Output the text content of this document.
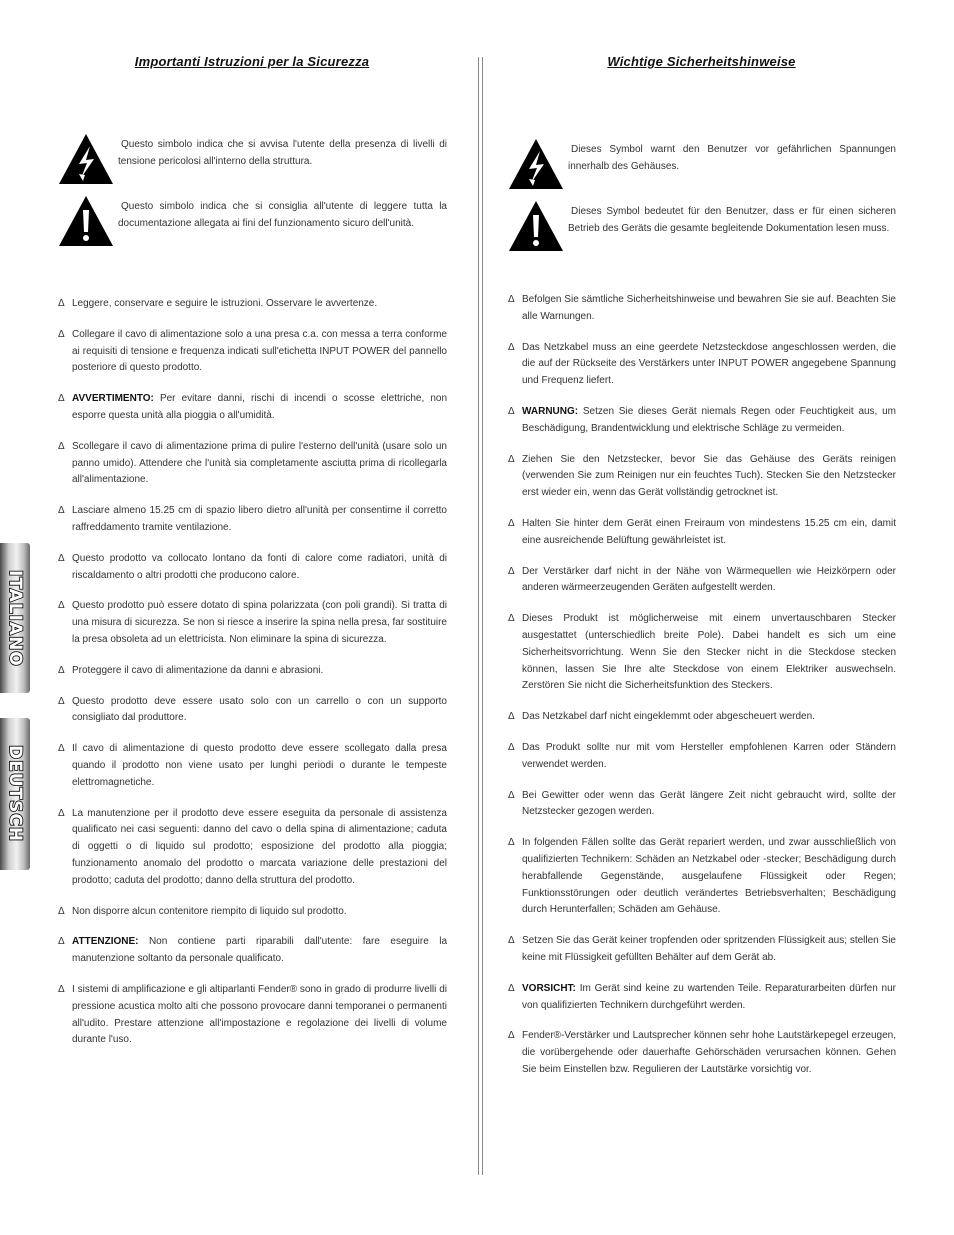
ITALIANO
DEUTSCH
Importanti Istruzioni per la Sicurezza

Questo simbolo indica che si avvisa l'utente della presenza di livelli di tensione pericolosi all'interno della struttura.

Questo simbolo indica che si consiglia all'utente di leggere tutta la documentazione allegata ai fini del funzionamento sicuro dell'unità.

Δ Leggere, conservare e seguire le istruzioni. Osservare le avvertenze.
Δ Collegare il cavo di alimentazione solo a una presa c.a. con messa a terra conforme ai requisiti di tensione e frequenza indicati sull'etichetta INPUT POWER del pannello posteriore di questo prodotto.
Δ AVVERTIMENTO: Per evitare danni, rischi di incendi o scosse elettriche, non esporre questa unità alla pioggia o all'umidità.
Δ Scollegare il cavo di alimentazione prima di pulire l'esterno dell'unità (usare solo un panno umido). Attendere che l'unità sia completamente asciutta prima di ricollegarla all'alimentazione.
Δ Lasciare almeno 15.25 cm di spazio libero dietro all'unità per consentirne il corretto raffreddamento tramite ventilazione.
Δ Questo prodotto va collocato lontano da fonti di calore come radiatori, unità di riscaldamento o altri prodotti che producono calore.
Δ Questo prodotto può essere dotato di spina polarizzata (con poli grandi). Si tratta di una misura di sicurezza. Se non si riesce a inserire la spina nella presa, far sostituire la presa obsoleta ad un elettricista. Non eliminare la spina di sicurezza.
Δ Proteggere il cavo di alimentazione da danni e abrasioni.
Δ Questo prodotto deve essere usato solo con un carrello o con un supporto consigliato dal produttore.
Δ Il cavo di alimentazione di questo prodotto deve essere scollegato dalla presa quando il prodotto non viene usato per lunghi periodi o durante le tempeste elettromagnetiche.
Δ La manutenzione per il prodotto deve essere eseguita da personale di assistenza qualificato nei casi seguenti: danno del cavo o della spina di alimentazione; caduta di oggetti o di liquido sul prodotto; esposizione del prodotto alla pioggia; funzionamento anomalo del prodotto o marcata variazione delle prestazioni del prodotto; caduta del prodotto; danno della struttura del prodotto.
Δ Non disporre alcun contenitore riempito di liquido sul prodotto.
Δ ATTENZIONE: Non contiene parti riparabili dall'utente: fare eseguire la manutenzione soltanto da personale qualificato.
Δ I sistemi di amplificazione e gli altiparlanti Fender® sono in grado di produrre livelli di pressione acustica molto alti che possono provocare danni temporanei o permanenti all'udito. Prestare attenzione all'impostazione e regolazione dei livelli di volume durante l'uso.
Wichtige Sicherheitshinweise

Dieses Symbol warnt den Benutzer vor gefährlichen Spannungen innerhalb des Gehäuses.

Dieses Symbol bedeutet für den Benutzer, dass er für einen sicheren Betrieb des Geräts die gesamte begleitende Dokumentation lesen muss.

Δ Befolgen Sie sämtliche Sicherheitshinweise und bewahren Sie sie auf. Beachten Sie alle Warnungen.
Δ Das Netzkabel muss an eine geerdete Netzsteckdose angeschlossen werden, die die auf der Rückseite des Verstärkers unter INPUT POWER angegebene Spannung und Frequenz liefert.
Δ WARNUNG: Setzen Sie dieses Gerät niemals Regen oder Feuchtigkeit aus, um Beschädigung, Brandentwicklung und elektrische Schläge zu vermeiden.
Δ Ziehen Sie den Netzstecker, bevor Sie das Gehäuse des Geräts reinigen (verwenden Sie zum Reinigen nur ein feuchtes Tuch). Stecken Sie den Netzstecker erst wieder ein, wenn das Gerät vollständig getrocknet ist.
Δ Halten Sie hinter dem Gerät einen Freiraum von mindestens 15.25 cm ein, damit eine ausreichende Belüftung gewährleistet ist.
Δ Der Verstärker darf nicht in der Nähe von Wärmequellen wie Heizkörpern oder anderen wärmeerzeugenden Geräten aufgestellt werden.
Δ Dieses Produkt ist möglicherweise mit einem unvertauschbaren Stecker ausgestattet (unterschiedlich breite Pole). Dabei handelt es sich um eine Sicherheitsvorrichtung. Wenn Sie den Stecker nicht in die Steckdose stecken können, lassen Sie Ihre alte Steckdose von einem Elektriker auswechseln. Zerstören Sie nicht die Sicherheitsfunktion des Steckers.
Δ Das Netzkabel darf nicht eingeklemmt oder abgescheuert werden.
Δ Das Produkt sollte nur mit vom Hersteller empfohlenen Karren oder Ständern verwendet werden.
Δ Bei Gewitter oder wenn das Gerät längere Zeit nicht gebraucht wird, sollte der Netzstecker gezogen werden.
Δ In folgenden Fällen sollte das Gerät repariert werden, und zwar ausschließlich von qualifizierten Technikern: Schäden an Netzkabel oder -stecker; Beschädigung durch herabfallende Gegenstände, ausgelaufene Flüssigkeit oder Regen; Funktionsstörungen oder deutlich verändertes Betriebsverhalten; Beschädigung durch Herunterfallen; Schäden am Gehäuse.
Δ Setzen Sie das Gerät keiner tropfenden oder spritzenden Flüssigkeit aus; stellen Sie keine mit Flüssigkeit gefüllten Behälter auf dem Gerät ab.
Δ VORSICHT: Im Gerät sind keine zu wartenden Teile. Reparaturarbeiten dürfen nur von qualifizierten Technikern durchgeführt werden.
Δ Fender®-Verstärker und Lautsprecher können sehr hohe Lautstärkepegel erzeugen, die vorübergehende oder dauerhafte Gehörschäden verursachen können. Gehen Sie beim Einstellen bzw. Regulieren der Lautstärke vorsichtig vor.
